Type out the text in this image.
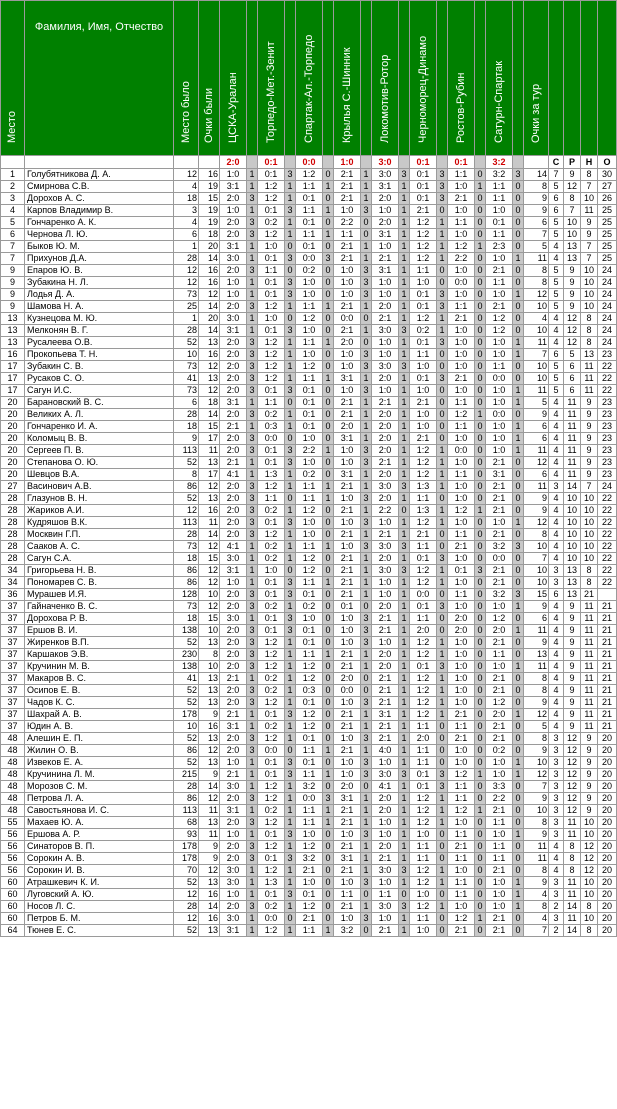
Место	Фамилия, Имя, Отчество	Место было	Очки были	ЦСКА-Уралан		Торпедо-Мет.-Зенит		Спартак-Ал.-Торпедо		Крылья С.-Шинник		Локомотив-Ротор		Черноморец-Динамо		Ростов-Рубин		Сатурн-Спартак		Очки за тур				

				2:0		0:1		0:0		1:0		3:0		0:1		0:1		3:2			С	Р	Н	О
1	Голубятникова Д. А.	12	16	1:0	1	0:1	3	1:2	0	2:1	1	3:0	3	0:1	3	1:1	0	3:2	3	14	7	9	8	30
2	Смирнова С.В.	4	19	3:1	1	1:2	1	1:1	1	2:1	1	3:1	1	0:1	3	1:0	1	1:1	0	8	5	12	7	27
3	Дорохов А. С.	18	15	2:0	3	1:2	1	0:1	0	2:1	1	2:0	1	0:1	3	2:1	0	1:1	0	9	6	8	10	26
4	Карпов Владимир В.	3	19	1:0	1	0:1	3	1:1	1	1:0	3	1:0	1	2:1	0	1:0	0	1:0	0	9	6	7	11	25
5	Гончаренко А. К.	4	19	2:0	3	0:2	1	0:1	0	2:2	0	2:0	1	1:2	1	1:1	0	0:1	0	6	5	10	9	25
6	Чернова Л. Ю.	6	18	2:0	3	1:2	1	1:1	1	1:1	0	3:1	1	1:2	1	1:0	0	1:1	0	7	5	10	9	25
7	Быков Ю. М.	1	20	3:1	1	1:0	0	0:1	0	2:1	1	1:0	1	1:2	1	1:2	1	2:3	0	5	4	13	7	25
7	Прихунов Д.А.	28	14	3:0	1	0:1	3	0:0	3	2:1	1	2:1	1	1:2	1	2:2	0	1:0	1	11	4	13	7	25
9	Епаров Ю. В.	12	16	2:0	3	1:1	0	0:2	0	1:0	3	3:1	1	1:1	0	1:0	0	2:1	0	8	5	9	10	24
9	Зубакина Н. Л.	12	16	1:0	1	0:1	3	1:0	0	1:0	3	1:0	1	1:0	0	0:0	0	1:1	0	8	5	9	10	24
9	Лодья Д. А.	73	12	1:0	1	0:1	3	1:0	0	1:0	3	1:0	1	0:1	3	1:0	0	1:0	1	12	5	9	10	24
9	Шамова Н. А.	25	14	2:0	3	1:2	1	1:1	1	2:1	1	2:0	1	0:1	3	1:1	0	2:1	0	10	5	9	10	24
13	Кузнецова М. Ю.	1	20	3:0	1	1:0	0	1:2	0	0:0	0	2:1	1	1:2	1	2:1	0	1:2	0	4	4	12	8	24
13	Мелконян В. Г.	28	14	3:1	1	0:1	3	1:0	0	2:1	1	3:0	3	0:2	1	1:0	0	1:2	0	10	4	12	8	24
13	Русалеева О.В.	52	13	2:0	3	1:2	1	1:1	1	2:0	0	1:0	1	0:1	3	1:0	0	1:0	1	11	4	12	8	24
16	Прокопьева Т. Н.	10	16	2:0	3	1:2	1	1:0	0	1:0	3	1:0	1	1:1	0	1:0	0	1:0	1	7	6	5	13	23
17	Зубакин С. В.	73	12	2:0	3	1:2	1	1:2	0	1:0	3	3:0	3	1:0	0	1:0	0	1:1	0	10	5	6	11	22
17	Русаков С. О.	41	13	2:0	3	1:2	1	1:1	1	3:1	1	2:0	1	0:1	3	2:1	0	0:0	0	10	5	6	11	22
17	Сагун И.С.	73	12	2:0	3	0:1	3	0:1	0	1:0	3	1:0	1	1:0	0	1:0	0	1:0	1	11	5	6	11	22
20	Барановский В. С.	6	18	3:1	1	1:1	0	0:1	0	2:1	1	2:1	1	2:1	0	1:1	0	1:0	1	5	4	11	9	23
20	Великих А. Л.	28	14	2:0	3	0:2	1	0:1	0	2:1	1	2:0	1	1:0	0	1:2	1	0:0	0	9	4	11	9	23
20	Гончаренко И. А.	18	15	2:1	1	0:3	1	0:1	0	2:0	1	2:0	1	1:0	0	1:1	0	1:0	1	6	4	11	9	23
20	Коломыц В. В.	9	17	2:0	3	0:0	0	1:0	0	3:1	1	2:0	1	2:1	0	1:0	0	1:0	1	6	4	11	9	23
20	Сергеев П. В.	113	11	2:0	3	0:1	3	2:2	1	1:0	3	2:0	1	1:2	1	0:0	0	1:0	1	11	4	11	9	23
20	Степанова О. Ю.	52	13	2:1	1	0:1	3	1:0	0	1:0	3	2:1	1	1:2	1	1:0	0	2:1	0	12	4	11	9	23
20	Шевцов В.А.	8	17	4:1	1	1:3	1	0:2	0	3:1	1	2:0	1	1:2	1	1:1	0	3:1	0	6	4	11	9	23
27	Васинович А.В.	86	12	2:0	3	1:2	1	1:1	1	2:1	1	3:0	3	1:3	1	1:0	0	2:1	0	11	3	14	7	24
28	Глазунов В. Н.	52	13	2:0	3	1:1	0	1:1	1	1:0	3	2:0	1	1:1	0	1:0	0	2:1	0	9	4	10	10	22
28	Жариков А.И.	12	16	2:0	3	0:2	1	1:2	0	2:1	1	2:2	0	1:3	1	1:2	1	2:1	0	9	4	10	10	22
28	Кудряшов В.К.	113	11	2:0	3	0:1	3	1:0	0	1:0	3	1:0	1	1:2	1	1:0	0	1:0	1	12	4	10	10	22
28	Москвин Г.П.	28	14	2:0	3	1:2	1	1:0	0	2:1	1	2:1	1	2:1	0	1:1	0	2:1	0	8	4	10	10	22
28	Сааков А. С.	73	12	4:1	1	0:2	1	1:1	1	1:0	3	3:0	3	1:1	0	2:1	0	3:2	3	10	4	10	10	22
28	Сагун С.А.	18	15	3:0	1	0:2	1	1:2	0	2:1	1	2:0	1	0:1	3	1:0	0	0:0	0	7	4	10	10	22
34	Григорьева Н. В.	86	12	3:1	1	1:0	0	1:2	0	2:1	1	3:0	3	1:2	1	0:1	3	2:1	0	10	3	13	8	22
34	Пономарев С. В.	86	12	1:0	1	0:1	3	1:1	1	2:1	1	1:0	1	1:2	1	1:0	0	2:1	0	10	3	13	8	22
36	Мурашев И.Я.	128	10	2:0	3	0:1	3	0:1	0	2:1	1	1:0	1	0:0	0	1:1	0	3:2	3	15	6	13	21	
37	Гайначенко В. С.	73	12	2:0	3	0:2	1	0:2	0	0:1	0	2:0	1	0:1	3	1:0	0	1:0	1	9	4	9	11	21
37	Дорохова Р. В.	18	15	3:0	1	0:1	3	1:0	0	1:0	3	2:1	1	1:1	0	2:0	0	1:2	0	6	4	9	11	21
37	Ершов В. И.	138	10	2:0	3	0:1	3	0:1	0	1:0	3	2:1	1	2:0	0	2:0	0	2:0	1	11	4	9	11	21
37	Жиренков В.П.	52	13	2:0	3	1:2	1	0:1	0	1:0	3	1:0	1	1:2	1	1:0	0	2:1	0	9	4	9	11	21
37	Каршаков Э.В.	230	8	2:0	3	1:2	1	1:1	1	2:1	1	2:0	1	1:2	1	1:0	0	1:1	0	13	4	9	11	21
37	Кручинин М. В.	138	10	2:0	3	1:2	1	1:2	0	2:1	1	2:0	1	0:1	3	1:0	0	1:0	1	11	4	9	11	21
37	Макаров В. С.	41	13	2:1	1	0:2	1	1:2	0	2:0	0	2:1	1	1:2	1	1:0	0	2:1	0	8	4	9	11	21
37	Осипов Е. В.	52	13	2:0	3	0:2	1	0:3	0	0:0	0	2:1	1	1:2	1	1:0	0	2:1	0	8	4	9	11	21
37	Чадов К. С.	52	13	2:0	3	1:2	1	0:1	0	1:0	3	2:1	1	1:2	1	1:0	0	1:2	0	9	4	9	11	21
37	Шахрай А. В.	178	9	2:1	1	0:1	3	1:2	0	2:1	1	3:1	1	1:2	1	2:1	0	2:0	1	12	4	9	11	21
37	Юдин А. В.	10	16	3:1	1	0:2	1	1:2	0	2:1	1	2:1	1	1:1	0	1:1	0	2:1	0	5	4	9	11	21
48	Алешин Е. П.	52	13	2:0	3	1:2	1	0:1	0	1:0	3	2:1	1	2:0	0	2:1	0	2:1	0	8	3	12	9	20
48	Жилин О. В.	86	12	2:0	3	0:0	0	1:1	1	2:1	1	4:0	1	1:1	0	1:0	0	0:2	0	9	3	12	9	20
48	Извеков Е. А.	52	13	1:0	1	0:1	3	0:1	0	1:0	3	1:0	1	1:1	0	1:0	0	1:0	1	10	3	12	9	20
48	Кручинина Л. М.	215	9	2:1	1	0:1	3	1:1	1	1:0	3	3:0	3	0:1	3	1:2	1	1:0	1	12	3	12	9	20
48	Морозов С. М.	28	14	3:0	1	1:2	1	3:2	0	2:0	0	4:1	1	0:1	3	1:1	0	3:3	0	7	3	12	9	20
48	Петрова Л. А.	86	12	2:0	3	1:2	1	0:0	3	3:1	1	2:0	1	1:2	1	1:1	0	2:2	0	9	3	12	9	20
48	Савостьянова И. С.	113	11	3:1	1	0:2	1	1:1	1	2:1	1	2:0	1	1:2	1	1:2	1	2:1	0	10	3	12	9	20
55	Махаев Ю. А.	68	13	2:0	3	1:2	1	1:1	1	2:1	1	1:0	1	1:2	1	1:0	0	1:1	0	8	3	11	10	20
56	Ершова А. Р.	93	11	1:0	1	0:1	3	1:0	0	1:0	3	1:0	1	1:0	0	1:1	0	1:0	1	9	3	11	10	20
56	Синаторов В. П.	178	9	2:0	3	1:2	1	1:2	0	2:1	1	2:0	1	1:1	0	2:1	0	1:1	0	11	4	8	12	20
56	Сорокин А. В.	178	9	2:0	3	0:1	3	3:2	0	3:1	1	2:1	1	1:1	0	1:1	0	1:1	0	11	4	8	12	20
56	Сорокин И. В.	70	12	3:0	1	1:2	1	2:1	0	2:1	1	3:0	3	1:2	1	1:0	0	2:1	0	8	4	8	12	20
60	Атрашкевич К. И.	52	13	3:0	1	1:3	1	1:0	0	1:0	3	1:0	1	1:2	1	1:1	0	1:0	1	9	3	11	10	20
60	Луговский А. Ю.	12	16	1:0	1	0:1	3	0:1	0	1:1	0	1:1	0	1:0	0	1:1	0	1:0	1	4	3	11	10	20
60	Носов Л. С.	28	14	2:0	3	0:2	1	1:2	0	2:1	1	3:0	3	1:2	1	1:0	0	1:0	1	8	2	14	8	20
60	Петров Б. М.	12	16	3:0	1	0:0	0	2:1	0	1:0	3	1:0	1	1:1	0	1:2	1	2:1	0	4	3	11	10	20
64	Тюнев Е. С.	52	13	3:1	1	1:2	1	1:1	1	3:2	0	2:1	1	1:0	0	2:1	0	2:1	0	7	2	14	8	20
